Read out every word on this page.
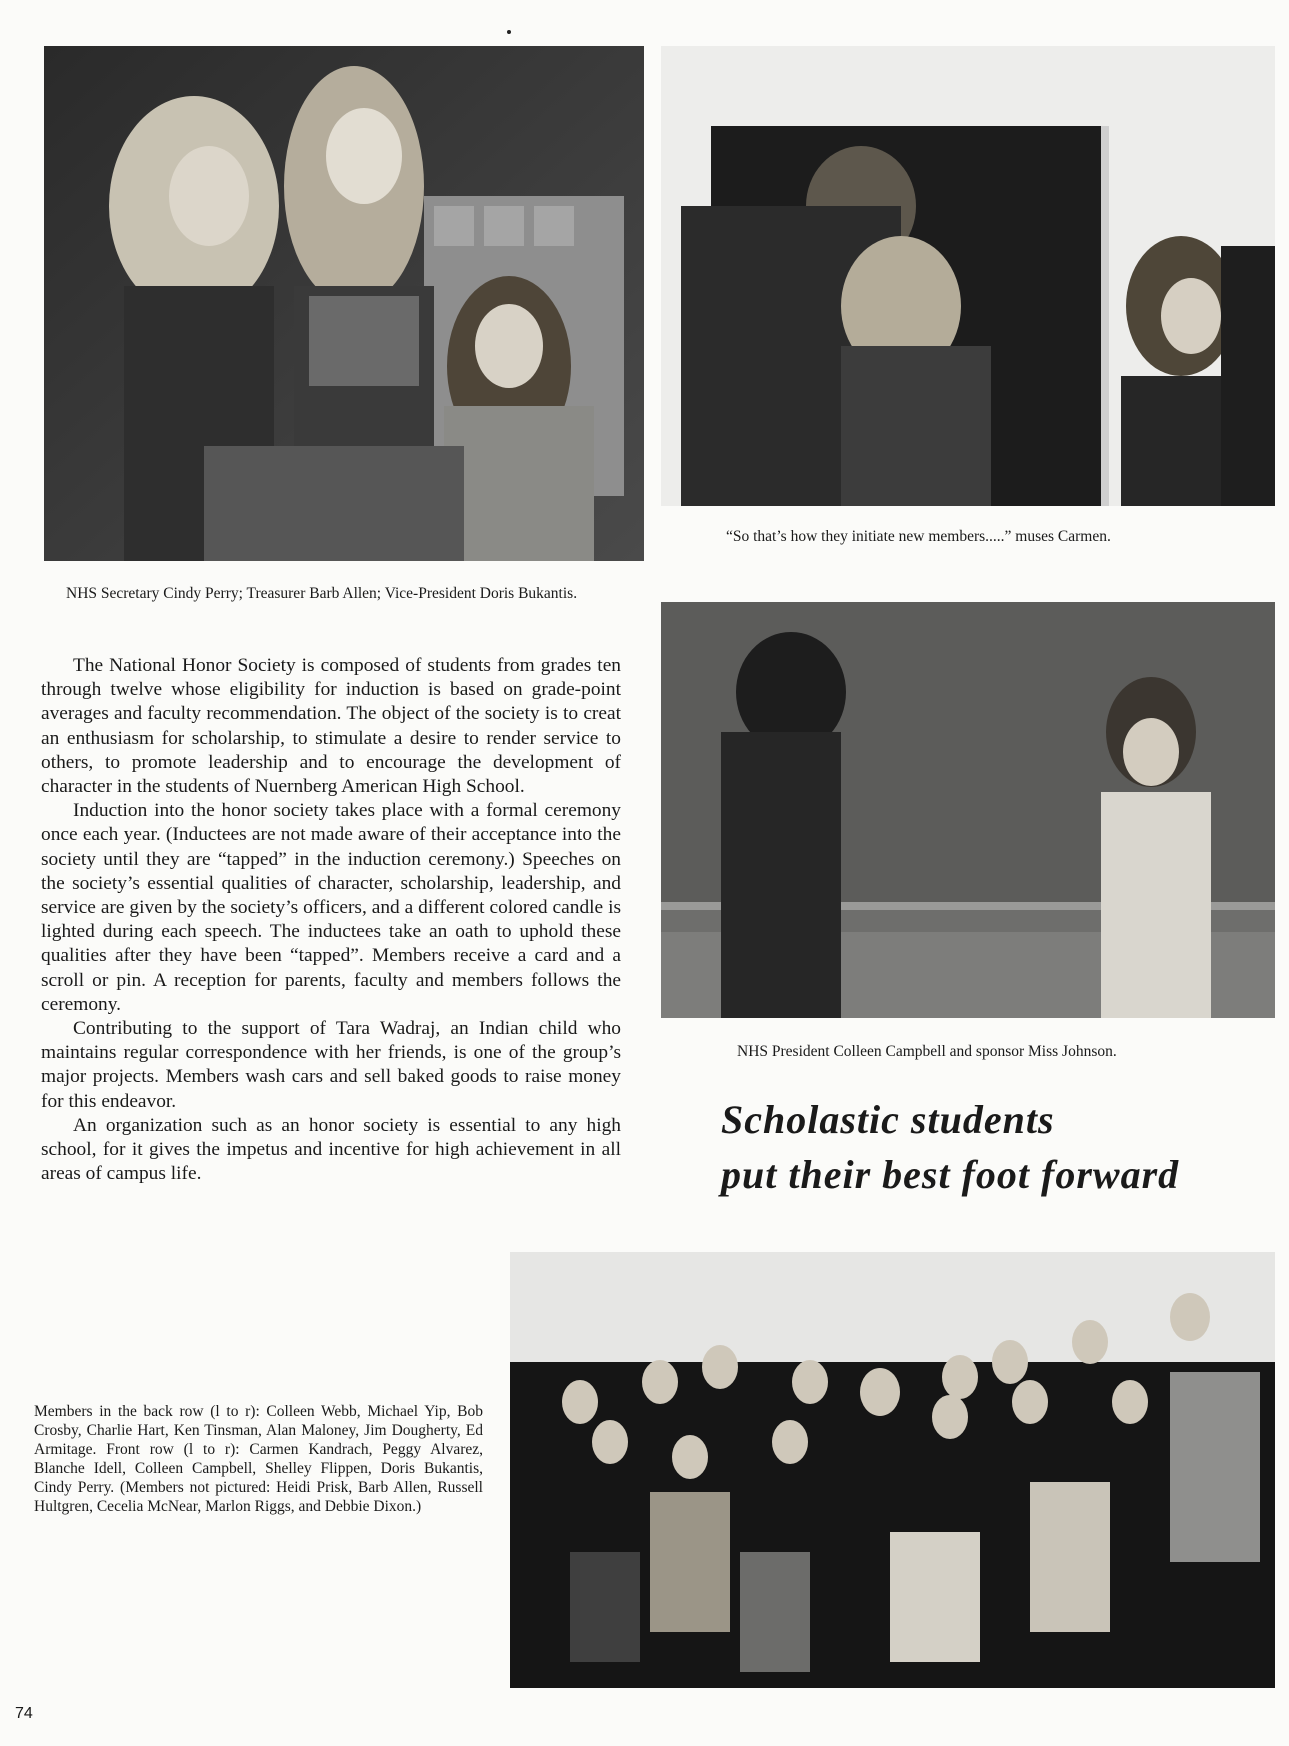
NHS Secretary Cindy Perry; Treasurer Barb Allen; Vice-President Doris Bukantis.

“So that’s how they initiate new members.....” muses Carmen.

NHS President Colleen Campbell and sponsor Miss Johnson.

Scholastic students
put their best foot forward

The National Honor Society is composed of students from grades ten through twelve whose eligibility for induction is based on grade-point averages and faculty recommendation. The object of the society is to creat an enthusiasm for scholarship, to stimulate a desire to render service to others, to promote leadership and to encourage the development of character in the students of Nuernberg American High School.

Induction into the honor society takes place with a formal ceremony once each year. (Inductees are not made aware of their acceptance into the society until they are “tapped” in the induction ceremony.) Speeches on the society’s essential qualities of character, scholarship, leadership, and service are given by the society’s officers, and a different colored candle is lighted during each speech. The inductees take an oath to uphold these qualities after they have been “tapped”. Members receive a card and a scroll or pin. A reception for parents, faculty and members follows the ceremony.

Contributing to the support of Tara Wadraj, an Indian child who maintains regular correspondence with her friends, is one of the group’s major projects. Members wash cars and sell baked goods to raise money for this endeavor.

An organization such as an honor society is essential to any high school, for it gives the impetus and incentive for high achievement in all areas of campus life.

Members in the back row (l to r): Colleen Webb, Michael Yip, Bob Crosby, Charlie Hart, Ken Tinsman, Alan Maloney, Jim Dougherty, Ed Armitage. Front row (l to r): Carmen Kandrach, Peggy Alvarez, Blanche Idell, Colleen Campbell, Shelley Flippen, Doris Bukantis, Cindy Perry. (Members not pictured: Heidi Prisk, Barb Allen, Russell Hultgren, Cecelia McNear, Marlon Riggs, and Debbie Dixon.)

74
